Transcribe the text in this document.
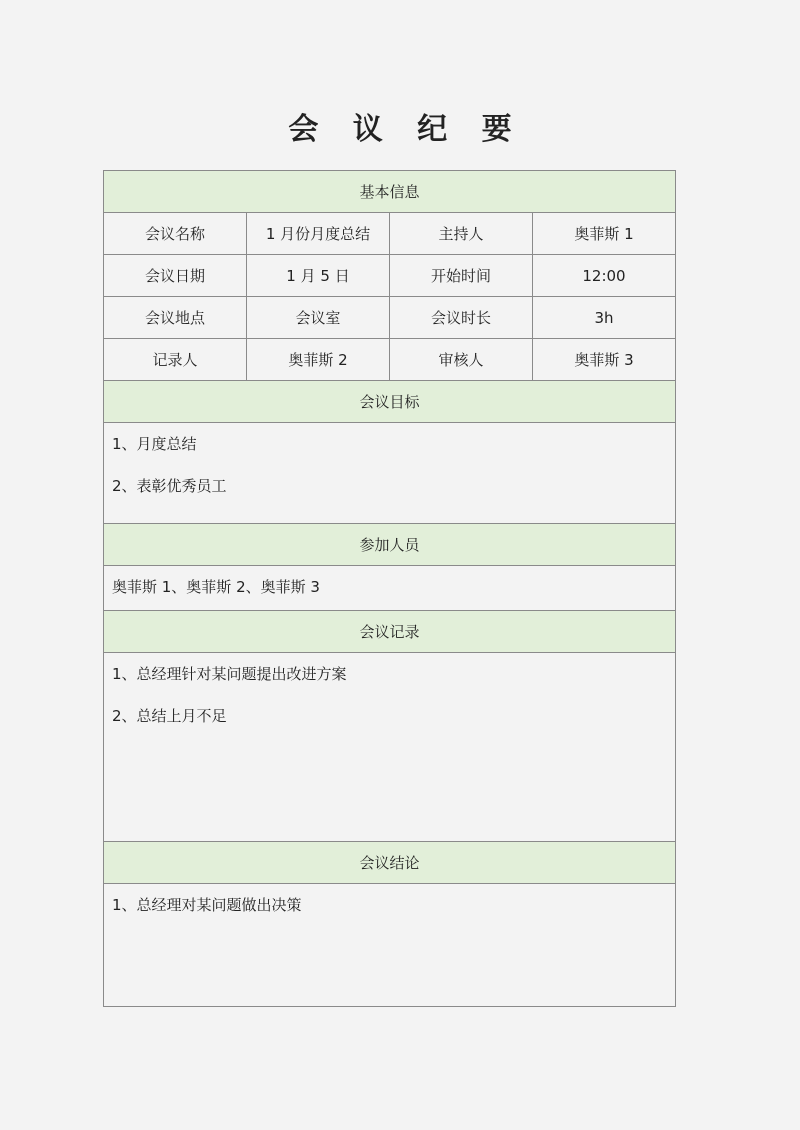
会 议 纪 要
基本信息			
会议名称	1 月份月度总结	主持人	奥菲斯 1
会议日期	1 月 5 日	开始时间	12:00
会议地点	会议室	会议时长	3h
记录人	奥菲斯 2	审核人	奥菲斯 3
会议目标			

1、月度总结
2、表彰优秀员工			

参加人员			

奥菲斯 1、奥菲斯 2、奥菲斯 3			

会议记录			

1、总经理针对某问题提出改进方案
2、总结上月不足			

会议结论			

1、总经理对某问题做出决策			
